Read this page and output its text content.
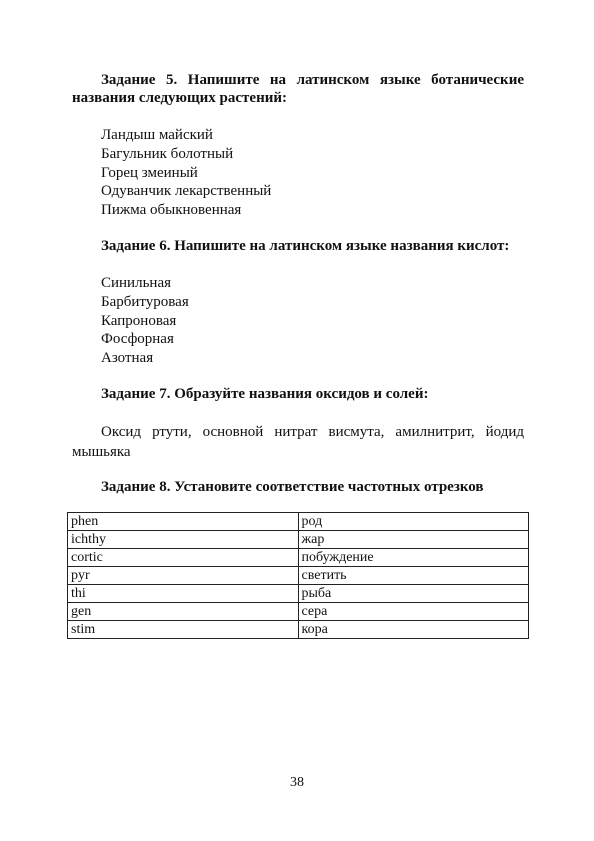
Задание 5. Напишите на латинском языке ботанические названия следующих растений:

Ландыш майский
Багульник болотный
Горец змеиный
Одуванчик лекарственный
Пижма обыкновенная

Задание 6. Напишите на латинском языке названия кислот:

Синильная
Барбитуровая
Капроновая
Фосфорная
Азотная

Задание 7. Образуйте названия оксидов и солей:

Оксид ртути, основной нитрат висмута, амилнитрит, йодид мышьяка

Задание 8. Установите соответствие частотных отрезков

phen	род
ichthy	жар
cortic	побуждение
pyr	светить
thi	рыба
gen	сера
stim	кора
38
